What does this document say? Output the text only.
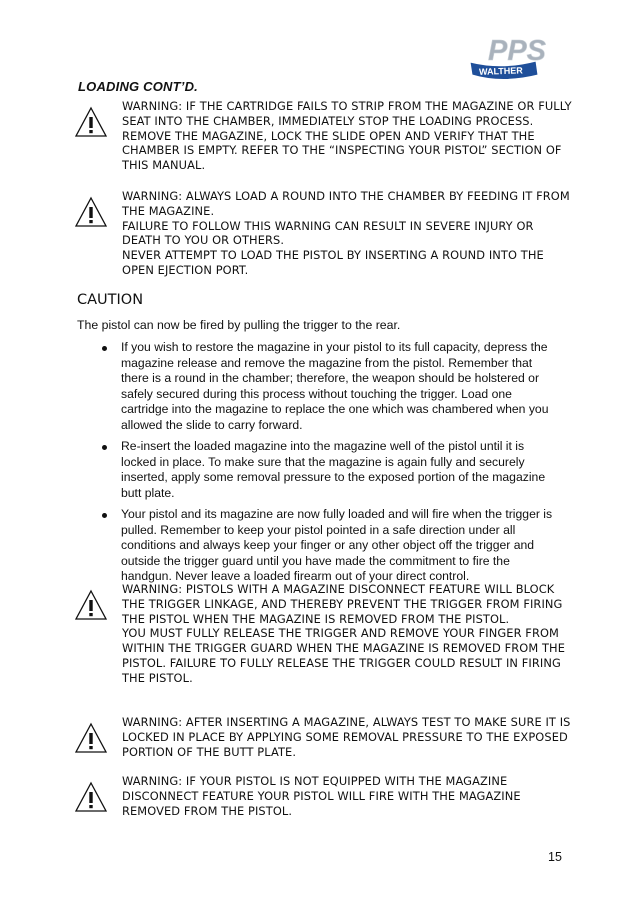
PPS
WALTHER
LOADING CONT’D.

WARNING: IF THE CARTRIDGE FAILS TO STRIP FROM THE MAGAZINE OR FULLY SEAT INTO THE CHAMBER, IMMEDIATELY STOP THE LOADING PROCESS. REMOVE THE MAGAZINE, LOCK THE SLIDE OPEN AND VERIFY THAT THE CHAMBER IS EMPTY. REFER TO THE “INSPECTING YOUR PISTOL” SECTION OF THIS MANUAL.

WARNING: ALWAYS LOAD A ROUND INTO THE CHAMBER BY FEEDING IT FROM THE MAGAZINE.

FAILURE TO FOLLOW THIS WARNING CAN RESULT IN SEVERE INJURY OR DEATH TO YOU OR OTHERS.

NEVER ATTEMPT TO LOAD THE PISTOL BY INSERTING A ROUND INTO THE OPEN EJECTION PORT.

CAUTION

The pistol can now be fired by pulling the trigger to the rear.

If you wish to restore the magazine in your pistol to its full capacity, depress the magazine release and remove the magazine from the pistol. Remember that there is a round in the chamber; therefore, the weapon should be holstered or safely secured during this process without touching the trigger. Load one cartridge into the magazine to replace the one which was chambered when you allowed the slide to carry forward.
Re-insert the loaded magazine into the magazine well of the pistol until it is locked in place. To make sure that the magazine is again fully and securely inserted, apply some removal pressure to the exposed portion of the magazine butt plate.
Your pistol and its magazine are now fully loaded and will fire when the trigger is pulled. Remember to keep your pistol pointed in a safe direction under all conditions and always keep your finger or any other object off the trigger and outside the trigger guard until you have made the commitment to fire the handgun. Never leave a loaded firearm out of your direct control.

WARNING: PISTOLS WITH A MAGAZINE DISCONNECT FEATURE WILL BLOCK THE TRIGGER LINKAGE, AND THEREBY PREVENT THE TRIGGER FROM FIRING THE PISTOL WHEN THE MAGAZINE IS REMOVED FROM THE PISTOL.

YOU MUST FULLY RELEASE THE TRIGGER AND REMOVE YOUR FINGER FROM WITHIN THE TRIGGER GUARD WHEN THE MAGAZINE IS REMOVED FROM THE PISTOL. FAILURE TO FULLY RELEASE THE TRIGGER COULD RESULT IN FIRING THE PISTOL.

WARNING: AFTER INSERTING A MAGAZINE, ALWAYS TEST TO MAKE SURE IT IS LOCKED IN PLACE BY APPLYING SOME REMOVAL PRESSURE TO THE EXPOSED PORTION OF THE BUTT PLATE.

WARNING: IF YOUR PISTOL IS NOT EQUIPPED WITH THE MAGAZINE DISCONNECT FEATURE YOUR PISTOL WILL FIRE WITH THE MAGAZINE REMOVED FROM THE PISTOL.

15
